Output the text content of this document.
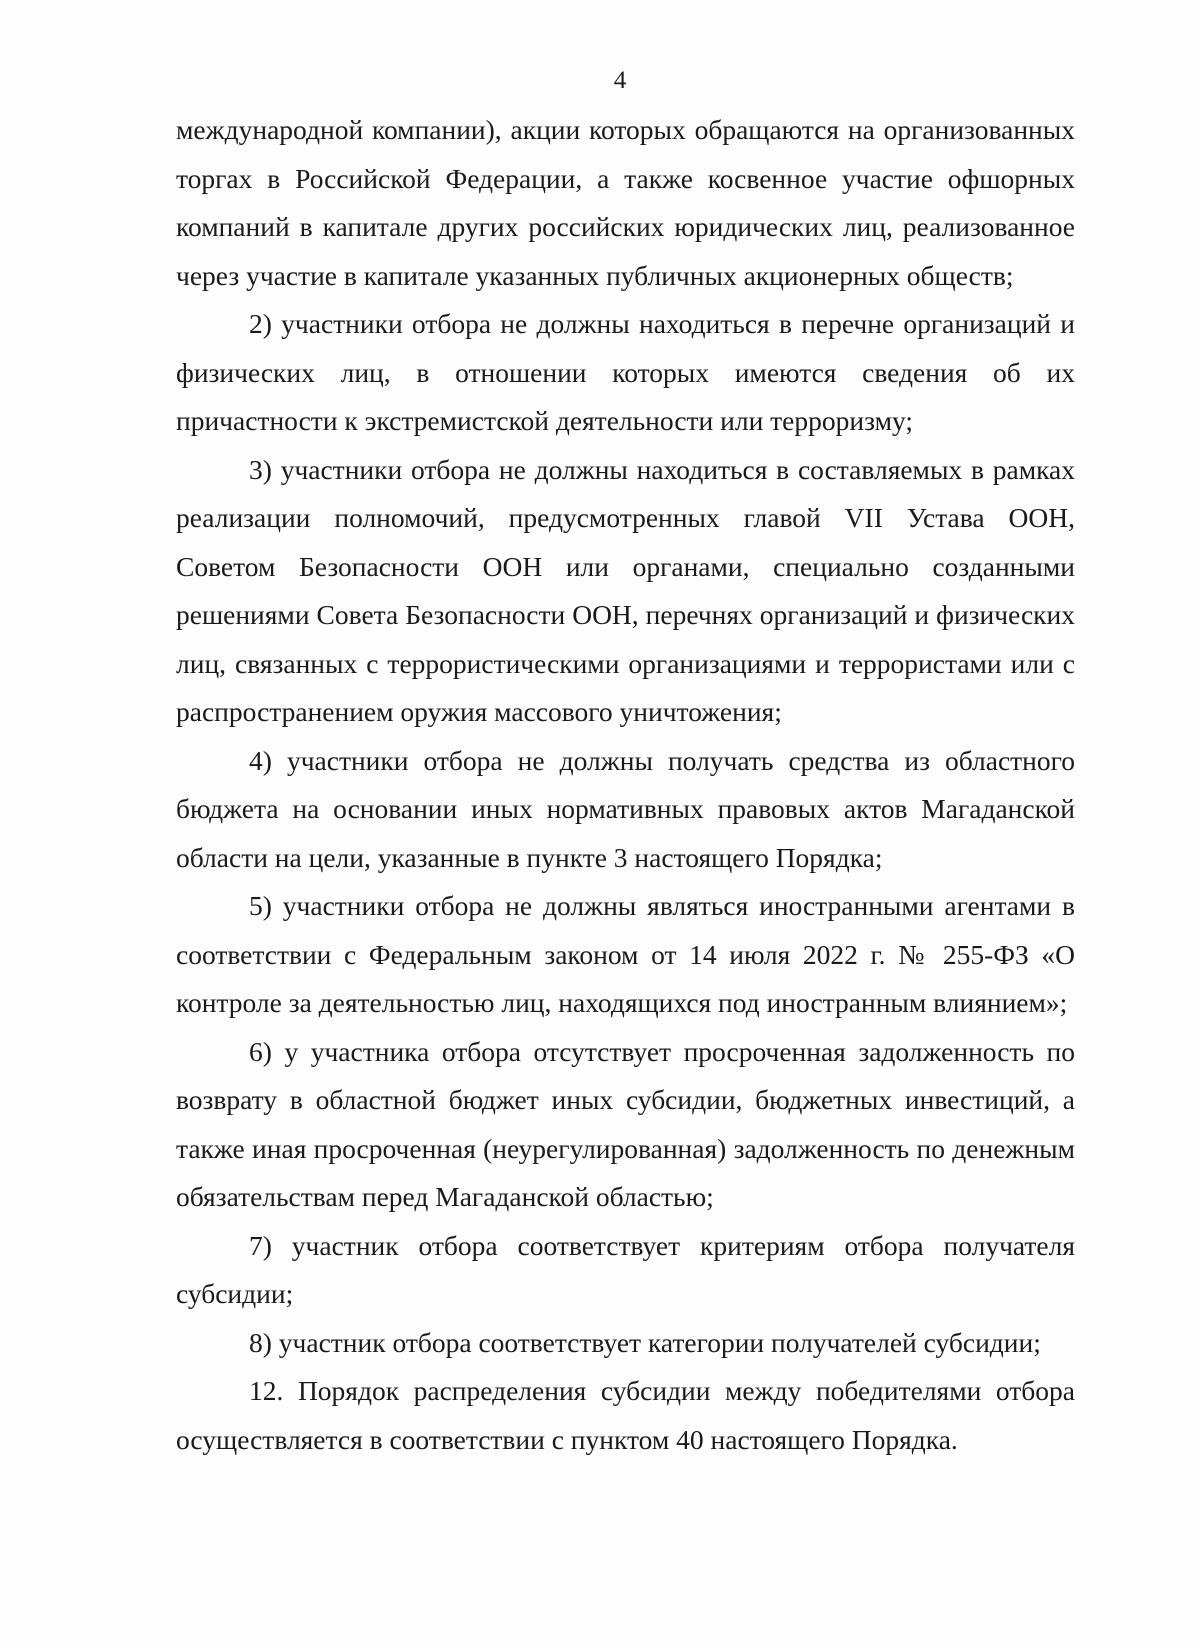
4

международной компании), акции которых обращаются на организованных торгах в Российской Федерации, а также косвенное участие офшорных компаний в капитале других российских юридических лиц, реализованное через участие в капитале указанных публичных акционерных обществ;

2) участники отбора не должны находиться в перечне организаций и физических лиц, в отношении которых имеются сведения об их причастности к экстремистской деятельности или терроризму;

3) участники отбора не должны находиться в составляемых в рамках реализации полномочий, предусмотренных главой VII Устава ООН, Советом Безопасности ООН или органами, специально созданными решениями Совета Безопасности ООН, перечнях организаций и физических лиц, связанных с террористическими организациями и террористами или с распространением оружия массового уничтожения;

4) участники отбора не должны получать средства из областного бюджета на основании иных нормативных правовых актов Магаданской области на цели, указанные в пункте 3 настоящего Порядка;

5) участники отбора не должны являться иностранными агентами в соответствии с Федеральным законом от 14 июля 2022 г. № 255-ФЗ «О контроле за деятельностью лиц, находящихся под иностранным влиянием»;

6) у участника отбора отсутствует просроченная задолженность по возврату в областной бюджет иных субсидии, бюджетных инвестиций, а также иная просроченная (неурегулированная) задолженность по денежным обязательствам перед Магаданской областью;

7) участник отбора соответствует критериям отбора получателя субсидии;

8) участник отбора соответствует категории получателей субсидии;

12. Порядок распределения субсидии между победителями отбора осуществляется в соответствии с пунктом 40 настоящего Порядка.
